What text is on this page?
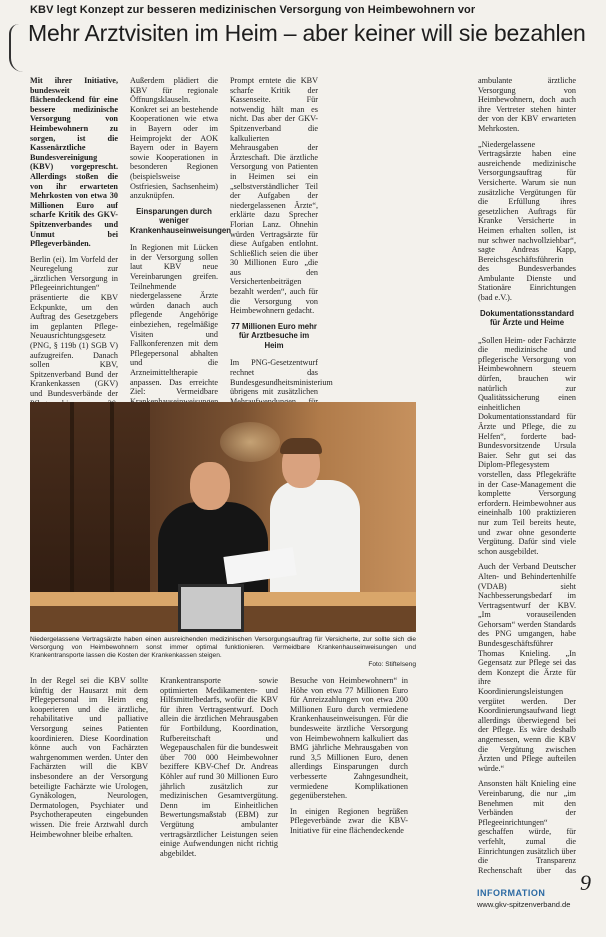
KBV legt Konzept zur besseren medizinischen Versorgung von Heimbewohnern vor
Mehr Arztvisiten im Heim – aber keiner will sie bezahlen

Mit ihrer Initiative, bundesweit flächendeckend für eine bessere medizinische Versorgung von Heimbewohnern zu sorgen, ist die Kassenärztliche Bundesvereinigung (KBV) vorgeprescht. Allerdings stoßen die von ihr erwarteten Mehrkosten von etwa 30 Millionen Euro auf scharfe Kritik des GKV-Spitzenverbandes und Unmut bei Pflegeverbänden.

Berlin (ei). Im Vorfeld der Neuregelung zur „ärztlichen Versorgung in Pflegeeinrichtungen“ präsentierte die KBV Eckpunkte, um den Auftrag des Gesetzgebers im geplanten Pflege-Neuausrichtungsgesetz (PNG, § 119b (1) SGB V) aufzugreifen. Danach sollen KBV, Spitzenverband Bund der Krankenkassen (GKV) und Bundesverbände der

Außerdem plädiert die KBV für regionale Öffnungsklauseln. Konkret sei an bestehende Kooperationen wie etwa in Bayern oder im Heimprojekt der AOK Bayern oder in Bayern sowie Kooperationen in besonderen Regionen (beispielsweise Ostfriesien, Sachsenheim) anzuknüpfen.

Einsparungen durch weniger Krankenhauseinweisungen

In Regionen mit Lücken in der Versorgung sollen laut KBV neue Vereinbarungen greifen. Teilnehmende niedergelassene Ärzte würden danach auch pflegende Angehörige einbeziehen, regelmäßige Visiten und Fallkonferenzen mit dem Pflegepersonal abhalten und die Arzneimitteltherapie anpassen. Das erreichte Ziel: Vermeidbare

Prompt erntete die KBV scharfe Kritik der Kassenseite. Für notwendig hält man es nicht. Das aber der GKV-Spitzenverband die kalkulierten Mehrausgaben der Ärzteschaft. Die ärztliche Versorgung von Patienten in Heimen sei ein „selbstverständlicher Teil der Aufgaben der niedergelassenen Ärzte“, erklärte dazu Sprecher Florian Lanz. Ohnehin würden Vertragsärzte für diese Aufgaben entlohnt. Schließlich seien die über 30 Millionen Euro „die aus den Versichertenbeiträgen bezahlt werden“, auch für die Versorgung von Heimbewohnern gedacht.

77 Millionen Euro mehr für Arztbesuche im Heim

Im PNG-Gesetzentwurf rechnet das Bundesgesundheitsministerium übrigens mit zusätzlichen

ambulante ärztliche Versorgung von Heimbewohnern, doch auch ihre Vertreter stehen hinter der von der KBV erwarteten Mehrkosten.

„Niedergelassene Vertragsärzte haben eine ausreichende medizinische Versorgungsauftrag für Versicherte. Warum sie nun zusätzliche Vergütungen für die Erfüllung ihres gesetzlichen Auftrags für Kranke Versicherte in Heimen erhalten sollen, ist nur schwer nachvollziehbar“, sagte Andreas Kapp, Bereichsgeschäftsführerin des Bundesverbandes Ambulante Dienste und Stationäre Einrichtungen (bad e.V.).

Dokumentationsstandard für Ärzte und Heime

„Sollen Heim- oder Fachärzte die medizinische und pflegerische Versorgung von Heimbewohnern steuern dürfen, brauchen wir natürlich zur Qualitätssicherung einen einheitlichen Dokumentationsstandard für Ärzte und Pflege, die zu Helfen“, forderte bad-Bundesvorsitzende Ursula Baier. Sehr gut sei das Diplom-Pflegesystem vorstellen, dass Pflegekräfte in der Case-Management die komplette Versorgung erfordern. Heimbewohner aus eineinhalb 100 praktizieren nur zum Teil bereits heute, und zwar ohne gesonderte Vergütung. Dafür sind viele schon ausgebildet.

Auch der Verband Deutscher Alten- und Behindertenhilfe (VDAB) sieht Nachbesserungsbedarf im Vertragsentwurf der KBV. „Im vorauseilenden Gehorsam“ werden Standards des PNG umgangen, habe Bundesgeschäftsführer Thomas Knieling. „In Gegensatz zur Pflege sei das dem Konzept die Ärzte für ihre Koordinierungsleistungen vergütet werden. Der Koordinierungsaufwand liegt allerdings überwiegend bei der Pflege. Es wäre deshalb angemessen, wenn die KBV die Vergütung zwischen Ärzten und Pflege aufteilen würde.“

Ansonsten hält Knieling eine Vereinbarung, die nur „im Benehmen mit den Verbänden der Pflegeeinrichtungen“ geschaffen würde, für verfehlt, zumal die Einrichtungen zusätzlich über die Transparenz Rechenschaft über das

Niedergelassene Vertragsärzte haben einen ausreichenden medizinischen Versorgungsauftrag für Versicherte, zur sollte sich die Versorgung von Heimbewohnern sonst immer optimal funktionieren. Vermeidbare Krankenhauseinweisungen und Krankentransporte lassen die Kosten der Krankenkassen steigen.
Foto: Stiftelseng

In der Regel sei die KBV sollte künftig der Hausarzt mit dem Pflegepersonal im Heim eng kooperieren und die ärztliche, rehabilitative und palliative Versorgung seines Patienten koordinieren. Diese Koordination könne auch von Fachärzten wahrgenommen werden. Unter den Fachärzten will die KBV insbesondere an der Versorgung beteiligte Fachärzte wie Urologen, Gynäkologen, Neurologen, Dermatologen, Psychiater und Psychotherapeuten eingebunden wissen. Die freie Arztwahl durch Heimbewohner bleibe erhalten.

Krankentransporte sowie optimierten Medikamenten- und Hilfsmittelbedarfs, wofür die KBV für ihren Vertragsentwurf. Doch allein die ärztlichen Mehrausgaben für Fortbildung, Koordination, Rufbereitschaft und Wegepauschalen für die bundesweit über 700 000 Heimbewohner beziffere KBV-Chef Dr. Andreas Köhler auf rund 30 Millionen Euro jährlich zusätzlich zur medizinischen Gesamtvergütung. Denn im Einheitlichen Bewertungsmaßstab (EBM) zur Vergütung ambulanter vertragsärztlicher Leistungen seien einige Aufwendungen nicht richtig abgebildet.

Besuche von Heimbewohnern“ in Höhe von etwa 77 Millionen Euro für Anreizzahlungen von etwa 200 Millionen Euro durch vermiedene Krankenhauseinweisungen. Für die bundesweite ärztliche Versorgung von Heimbewohnern kalkuliert das BMG jährliche Mehrausgaben von rund 3,5 Millionen Euro, denen allerdings Einsparungen durch verbesserte Zahngesundheit, vermiedene Komplikationen gegenüberstehen.

In einigen Regionen begrüßen Pflegeverbände zwar die KBV-Initiative für eine flächendeckende

INFORMATION
www.gkv-spitzenverband.de
9
